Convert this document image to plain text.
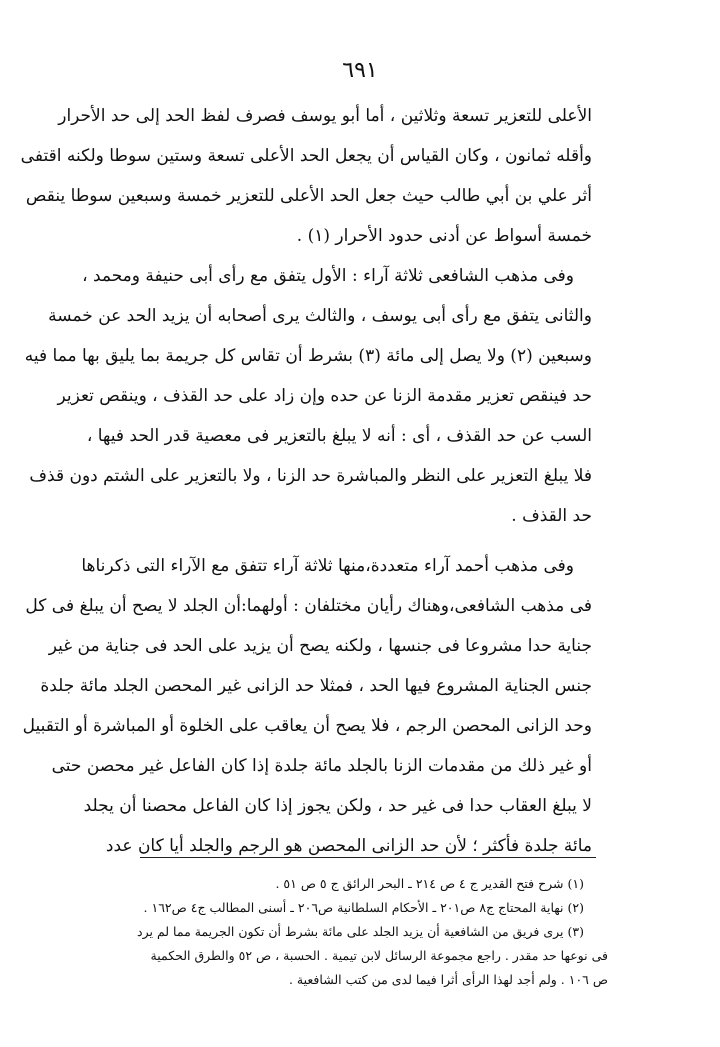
٦٩١
الأعلى للتعزير تسعة وثلاثين ، أما أبو يوسف فصرف لفظ الحد إلى حد الأحرار
وأقله ثمانون ، وكان القياس أن يجعل الحد الأعلى تسعة وستين سوطا ولكنه اقتفى
أثر علي بن أبي طالب حيث جعل الحد الأعلى للتعزير خمسة وسبعين سوطا ينقص
خمسة أسواط عن أدنى حدود الأحرار (١) .
وفى مذهب الشافعى ثلاثة آراء : الأول يتفق مع رأى أبى حنيفة ومحمد ،
والثانى يتفق مع رأى أبى يوسف ، والثالث يرى أصحابه أن يزيد الحد عن خمسة
وسبعين (٢) ولا يصل إلى مائة (٣) بشرط أن تقاس كل جريمة بما يليق بها مما فيه
حد فينقص تعزير مقدمة الزنا عن حده وإن زاد على حد القذف ، وينقص تعزير
السب عن حد القذف ، أى : أنه لا يبلغ بالتعزير فى معصية قدر الحد فيها ،
فلا يبلغ التعزير على النظر والمباشرة حد الزنا ، ولا بالتعزير على الشتم دون قذف
حد القذف .
وفى مذهب أحمد آراء متعددة،منها ثلاثة آراء تتفق مع الآراء التى ذكرناها
فى مذهب الشافعى،وهناك رأيان مختلفان : أولهما:أن الجلد لا يصح أن يبلغ فى كل
جناية حدا مشروعا فى جنسها ، ولكنه يصح أن يزيد على الحد فى جناية من غير
جنس الجناية المشروع فيها الحد ، فمثلا حد الزانى غير المحصن الجلد مائة جلدة
وحد الزانى المحصن الرجم ، فلا يصح أن يعاقب على الخلوة أو المباشرة أو التقبيل
أو غير ذلك من مقدمات الزنا بالجلد مائة جلدة إذا كان الفاعل غير محصن حتى
لا يبلغ العقاب حدا فى غير حد ، ولكن يجوز إذا كان الفاعل محصنا أن يجلد
مائة جلدة فأكثر ؛ لأن حد الزانى المحصن هو الرجم والجلد أيا كان عدد
(١) شرح فتح القدير ج ٤ ص ٢١٤ ـ البحر الرائق ج ٥ ص ٥١ .
(٢) نهاية المحتاج ج٨ ص٢٠١ ـ الأحكام السلطانية ص٢٠٦ ـ أسنى المطالب ج٤ ص١٦٢ .
(٣) يرى فريق من الشافعية أن يزيد الجلد على مائة بشرط أن تكون الجريمة مما لم يرد
فى نوعها حد مقدر . راجع مجموعة الرسائل لابن تيمية . الحسبة ، ص ٥٢ والطرق الحكمية
ص ١٠٦ . ولم أجد لهذا الرأى أثرا فيما لدى من كتب الشافعية .
